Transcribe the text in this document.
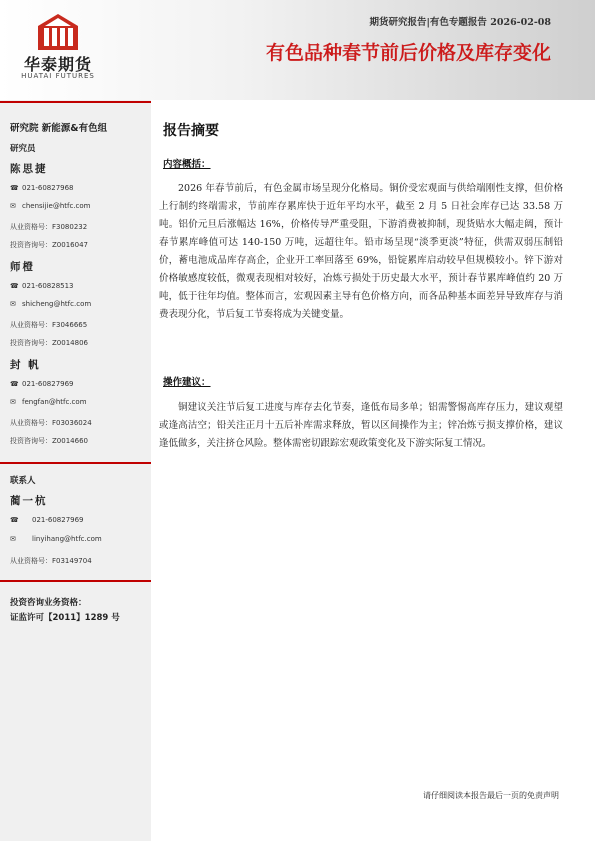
华泰期货
HUATAI FUTURES
期货研究报告|有色专题报告 2026-02-08
有色品种春节前后价格及库存变化
研究院 新能源&有色组
研究员
陈思捷
☎ 021-60827968
✉ chensijie@htfc.com
从业资格号：F3080232
投资咨询号：Z0016047
师橙
☎ 021-60828513
✉ shicheng@htfc.com
从业资格号：F3046665
投资咨询号：Z0014806
封 帆
☎ 021-60827969
✉ fengfan@htfc.com
从业资格号：F03036024
投资咨询号：Z0014660
联系人
蔺一杭
☎ 021-60827969
✉ linyihang@htfc.com
从业资格号：F03149704
投资咨询业务资格：
证监许可【2011】1289 号
报告摘要
内容概括：

2026 年春节前后，有色金属市场呈现分化格局。铜价受宏观面与供给端刚性支撑，但价格上行制约终端需求，节前库存累库快于近年平均水平，截至 2 月 5 日社会库存已达 33.58 万吨。铝价元旦后涨幅达 16%，价格传导严重受阻，下游消费被抑制，现货贴水大幅走阔，预计春节累库峰值可达 140-150 万吨，远超往年。铅市场呈现“淡季更淡”特征，供需双弱压制铅价，蓄电池成品库存高企，企业开工率回落至 69%，铅锭累库启动较早但规模较小。锌下游对价格敏感度较低，微观表现相对较好，冶炼亏损处于历史最大水平，预计春节累库峰值约 20 万吨，低于往年均值。整体而言，宏观因素主导有色价格方向，而各品种基本面差异导致库存与消费表现分化，节后复工节奏将成为关键变量。

操作建议：

铜建议关注节后复工进度与库存去化节奏，逢低布局多单；铝需警惕高库存压力，建议观望或逢高沽空；铅关注正月十五后补库需求释放，暂以区间操作为主；锌冶炼亏损支撑价格，建议逢低做多，关注挤仓风险。整体需密切跟踪宏观政策变化及下游实际复工情况。

请仔细阅读本报告最后一页的免责声明
